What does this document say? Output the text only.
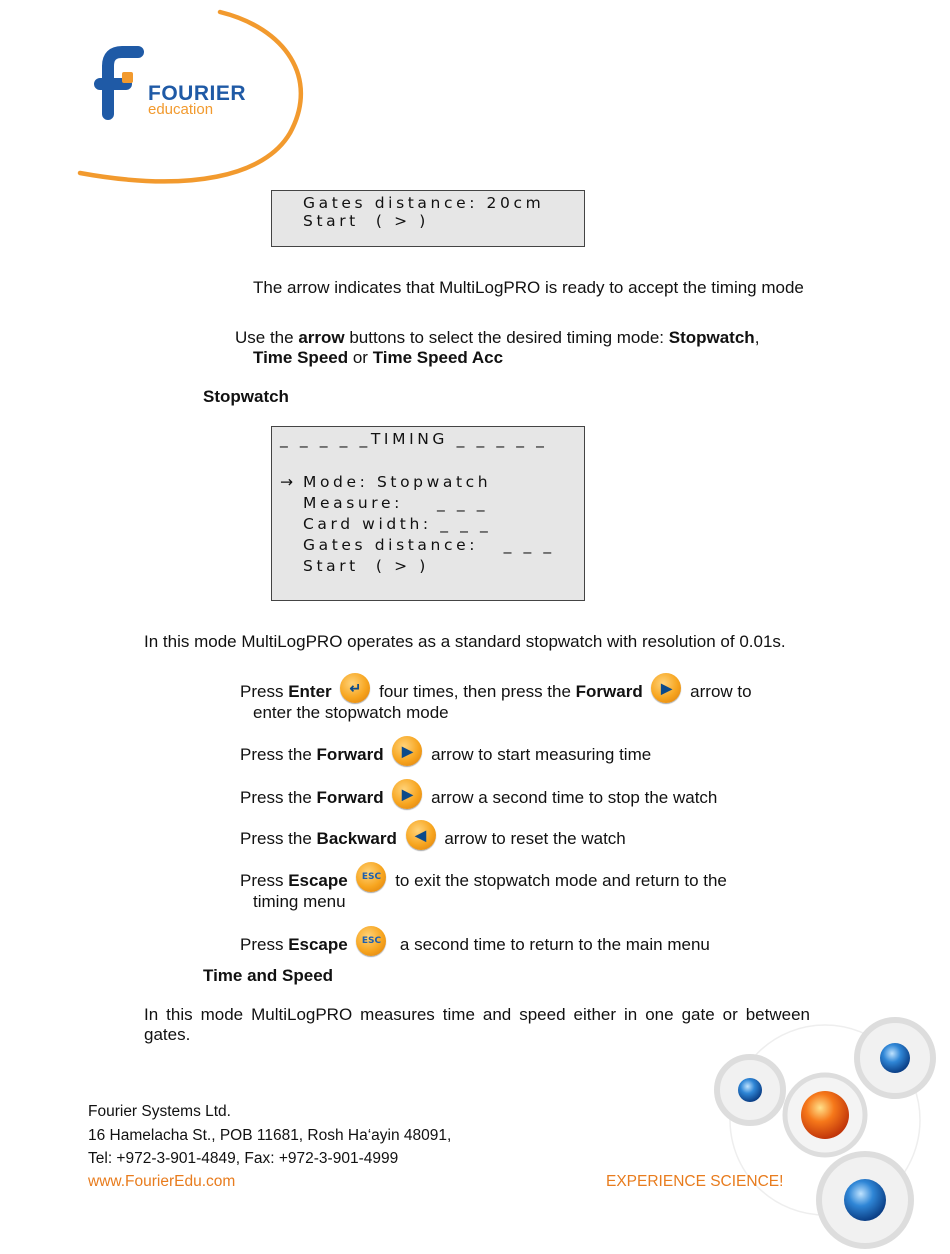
FOURIER
education
Gates distance: 20cm
Start  ( > )
The arrow indicates that MultiLogPRO is ready to accept the timing mode
Use the arrow buttons to select the desired timing mode: Stopwatch,
Time Speed or Time Speed Acc
Stopwatch
_ _ _ _ _TIMING _ _ _ _ _
→ Mode: Stopwatch
Measure:    _ _ _
Card width: _ _ _
Gates distance:   _ _ _
Start  ( > )
In this mode MultiLogPRO operates as a standard stopwatch with resolution of 0.01s.
Press Enter	↵ four times, then press the Forward	▶ arrow to
enter the stopwatch mode
Press the Forward	▶ arrow to start measuring time
Press the Forward	▶ arrow a second time to stop the watch
Press the Backward	◀ arrow to reset the watch
Press Escape	ESC to exit the stopwatch mode and return to the
timing menu
Press Escape	ESC a second time to return to the main menu
Time and Speed
In this mode MultiLogPRO measures time and speed either in one gate or between gates.
Fourier Systems Ltd.
16 Hamelacha St., POB 11681, Rosh Ha‘ayin 48091,
Tel: +972-3-901-4849, Fax: +972-3-901-4999
www.FourierEdu.com	EXPERIENCE SCIENCE!
